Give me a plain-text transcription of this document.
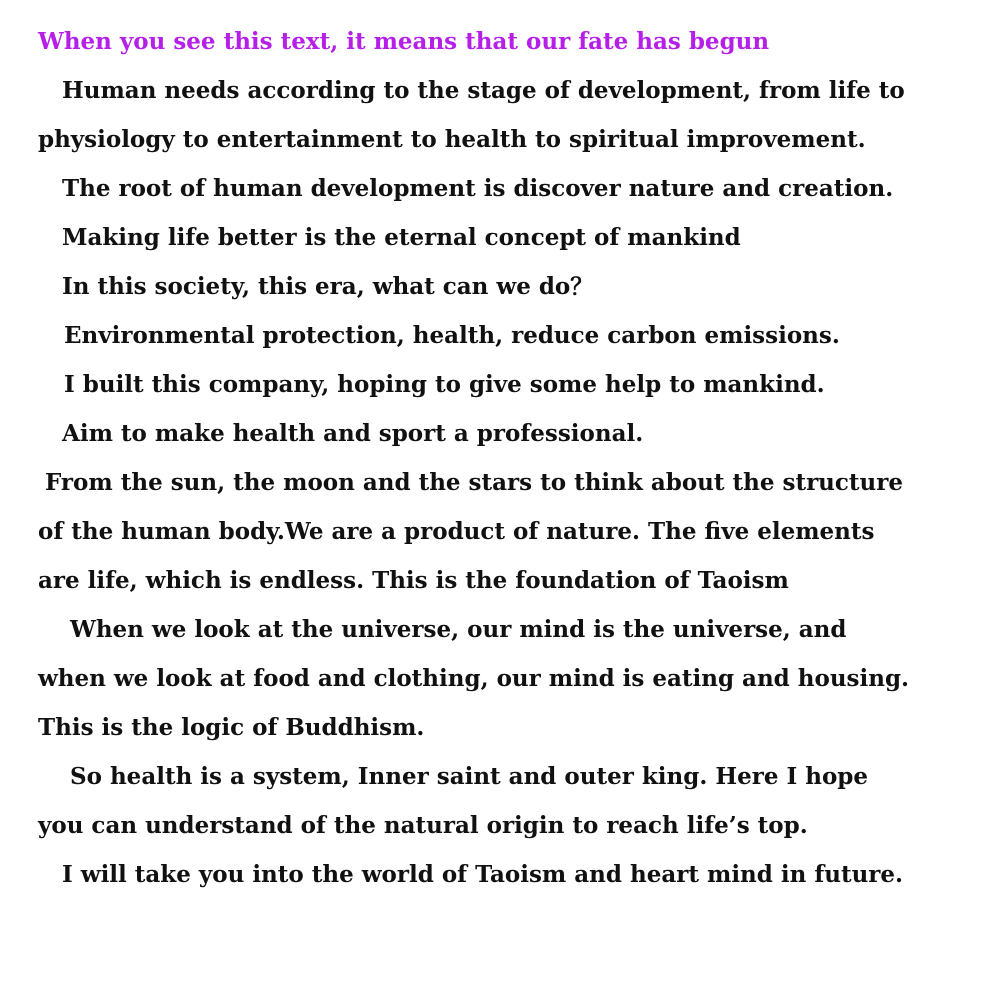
When you see this text, it means that our fate has begun
Human needs according to the stage of development, from life to
physiology to entertainment to health to spiritual improvement.
The root of human development is discover nature and creation.
Making life better is the eternal concept of mankind
In this society, this era, what can we do？
Environmental protection, health, reduce carbon emissions.
I built this company, hoping to give some help to mankind.
Aim to make health and sport a professional.
From the sun, the moon and the stars to think about the structure
of the human body.We are a product of nature. The five elements
are life, which is endless. This is the foundation of Taoism
When we look at the universe, our mind is the universe, and
when we look at food and clothing, our mind is eating and housing.
This is the logic of Buddhism.
So health is a system, Inner saint and outer king. Here I hope
you can understand of the natural origin to reach life’s top.
I will take you into the world of Taoism and heart mind in future.
